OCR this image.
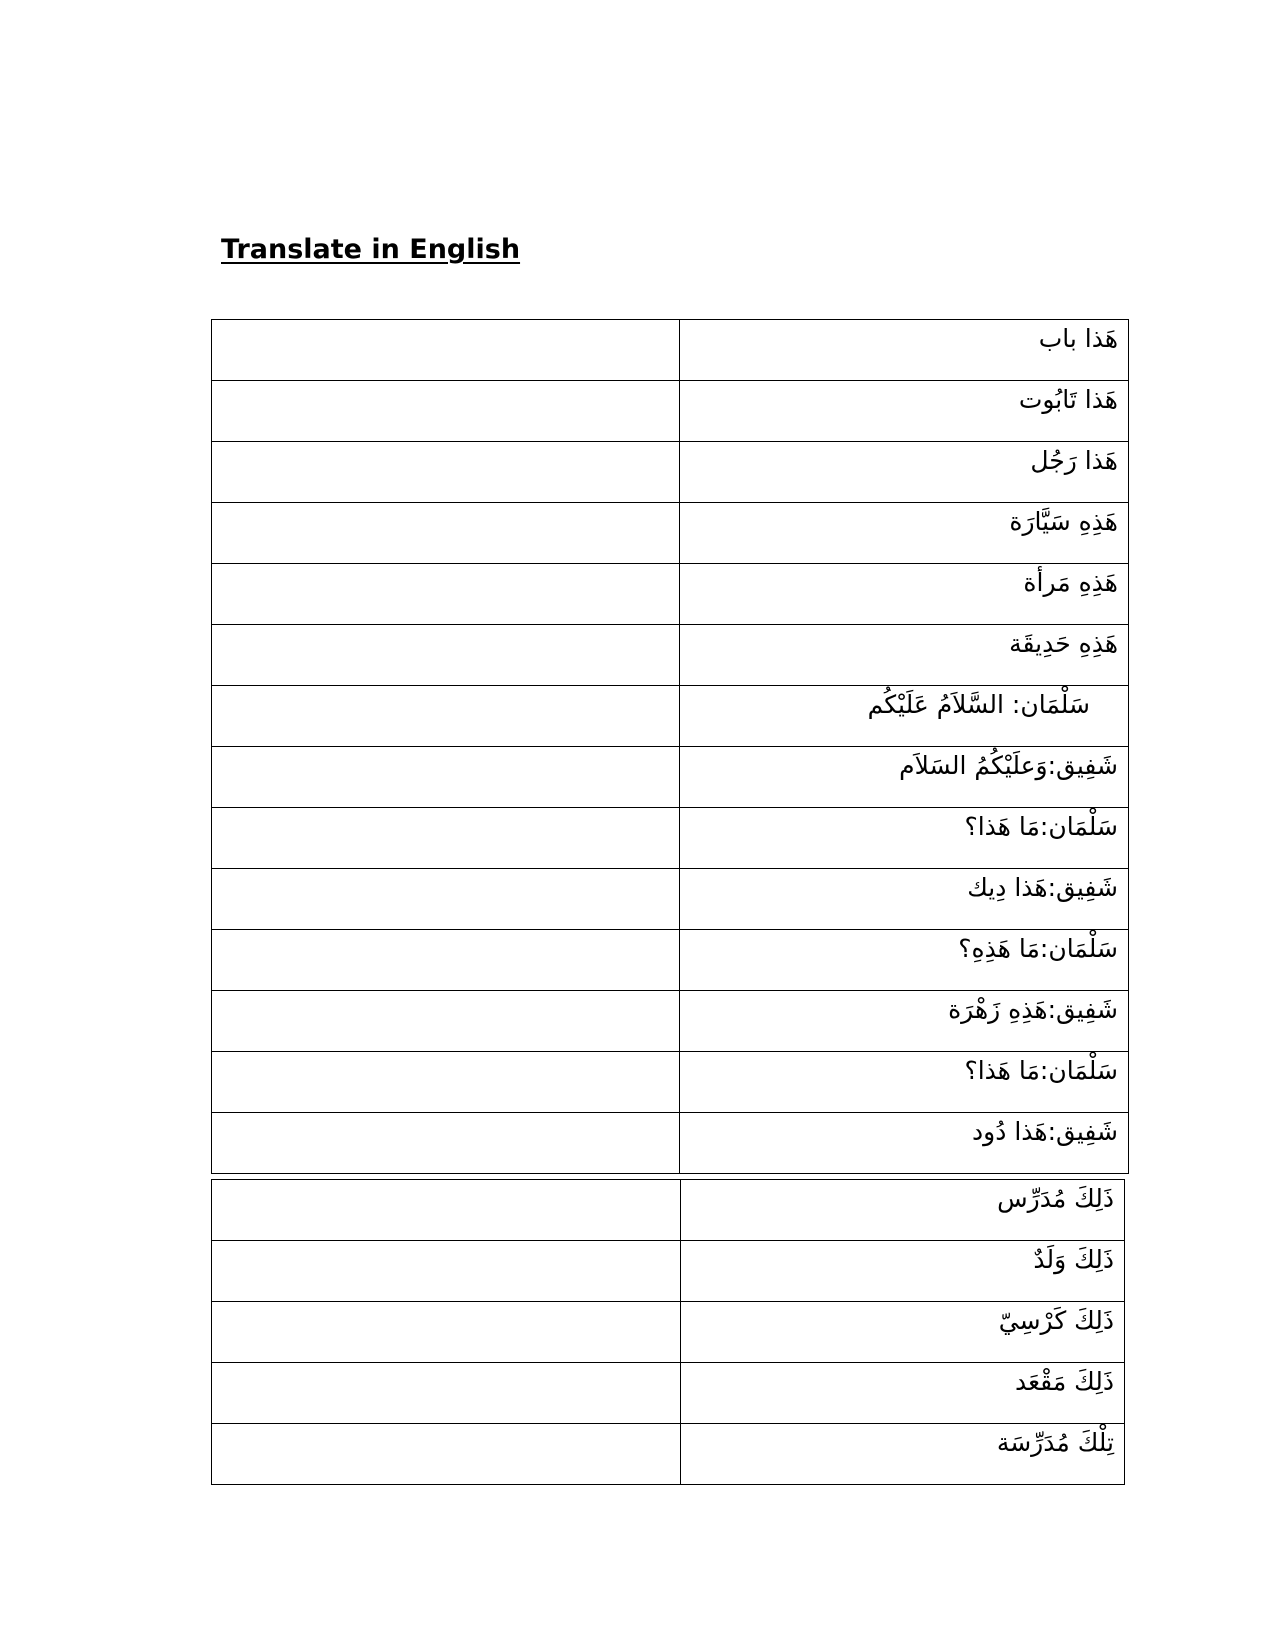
Translate in English

	هَذا باب

	هَذا تَابُوت

	هَذا رَجُل

	هَذِهِ سَيَّارَة

	هَذِهِ مَرأة

	هَذِهِ حَدِيقَة

	سَلْمَان: السَّلاَمُ عَلَيْكُم

	شَفِيق:وَعلَيْكُمُ السَلاَم

	سَلْمَان:مَا هَذا؟

	شَفِيق:هَذا دِيك

	سَلْمَان:مَا هَذِهِ؟

	شَفِيق:هَذِهِ زَهْرَة

	سَلْمَان:مَا هَذا؟

	شَفِيق:هَذا دُود

	ذَلِكَ مُدَرِّس

	ذَلِكَ وَلَدٌ

	ذَلِكَ كَرْسِيّ

	ذَلِكَ مَقْعَد

	تِلْكَ مُدَرِّسَة
